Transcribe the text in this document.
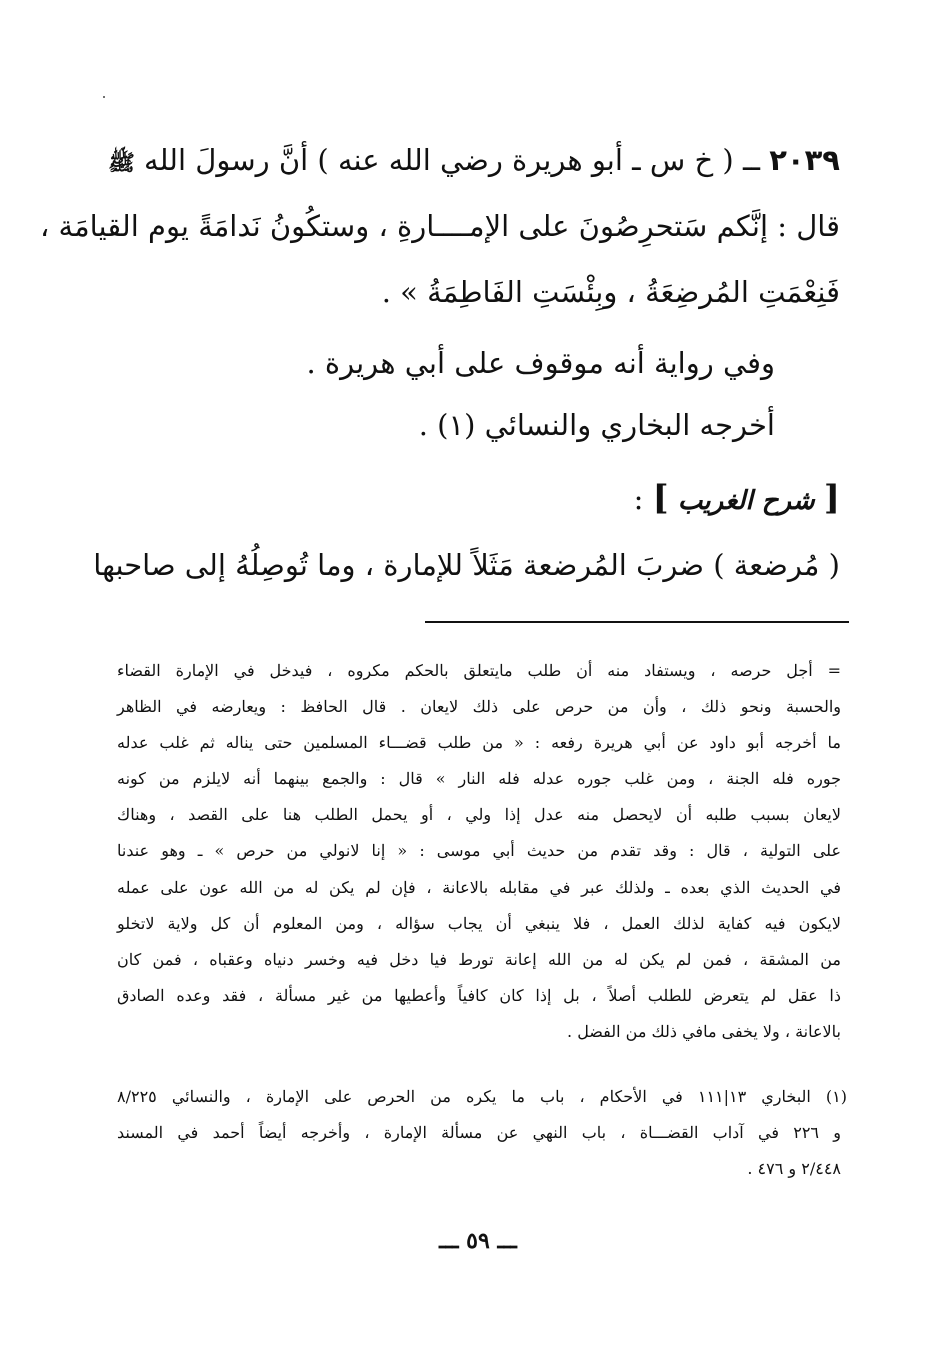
٢٠٣٩ ــ ( خ س ـ أبو هريرة رضي الله عنه ) أنَّ رسولَ الله ﷺ
قال : إنَّكم سَتحرِصُونَ على الإمــــارةِ ، وستكُونُ نَدامَةً يوم القيامَة ،
فَنِعْمَتِ المُرضِعَةُ ، وبِئْسَتِ الفَاطِمَةُ » .
وفي رواية أنه موقوف على أبي هريرة .
أخرجه البخاري والنسائي (١) .
[ شرح الغريب ] :
( مُرضعة ) ضربَ المُرضعة مَثَلاً للإمارة ، وما تُوصِلُهُ إلى صاحبها
= أجل حرصه ، ويستفاد منه أن طلب مايتعلق بالحكم مكروه ، فيدخل في الإمارة القضاء
والحسبة ونحو ذلك ، وأن من حرص على ذلك لايعان . قال الحافظ : ويعارضه في الظاهر
ما أخرجه أبو داود عن أبي هريرة رفعه : « من طلب قضـــاء المسلمين حتى يناله ثم غلب عدله
جوره فله الجنة ، ومن غلب جوره عدله فله النار » قال : والجمع بينهما أنه لايلزم من كونه
لايعان بسبب طلبه أن لايحصل منه عدل إذا ولي ، أو يحمل الطلب هنا على القصد ، وهناك
على التولية ، قال : وقد تقدم من حديث أبي موسى : « إنا لانولي من حرص » ـ وهو عندنا
في الحديث الذي بعده ـ ولذلك عبر في مقابله بالاعانة ، فإن لم يكن له من الله عون على عمله
لايكون فيه كفاية لذلك العمل ، فلا ينبغي أن يجاب سؤاله ، ومن المعلوم أن كل ولاية لاتخلو
من المشقة ، فمن لم يكن له من الله إعانة تورط فيا دخل فيه وخسر دنياه وعقباه ، فمن كان
ذا عقل لم يتعرض للطلب أصلاً ، بل إذا كان كافياً وأعطيها من غير مسألة ، فقد وعده الصادق
بالاعانة ، ولا يخفى مافي ذلك من الفضل .
(١) البخاري ١٣|١١١ في الأحكام ، باب ما يكره من الحرص على الإمارة ، والنسائي ٨/٢٢٥
و ٢٢٦ في آداب القضـــاة ، باب النهي عن مسألة الإمارة ، وأخرجه أيضاً أحمد في المسند
٢/٤٤٨ و ٤٧٦ .
ـــ ٥٩ ـــ
